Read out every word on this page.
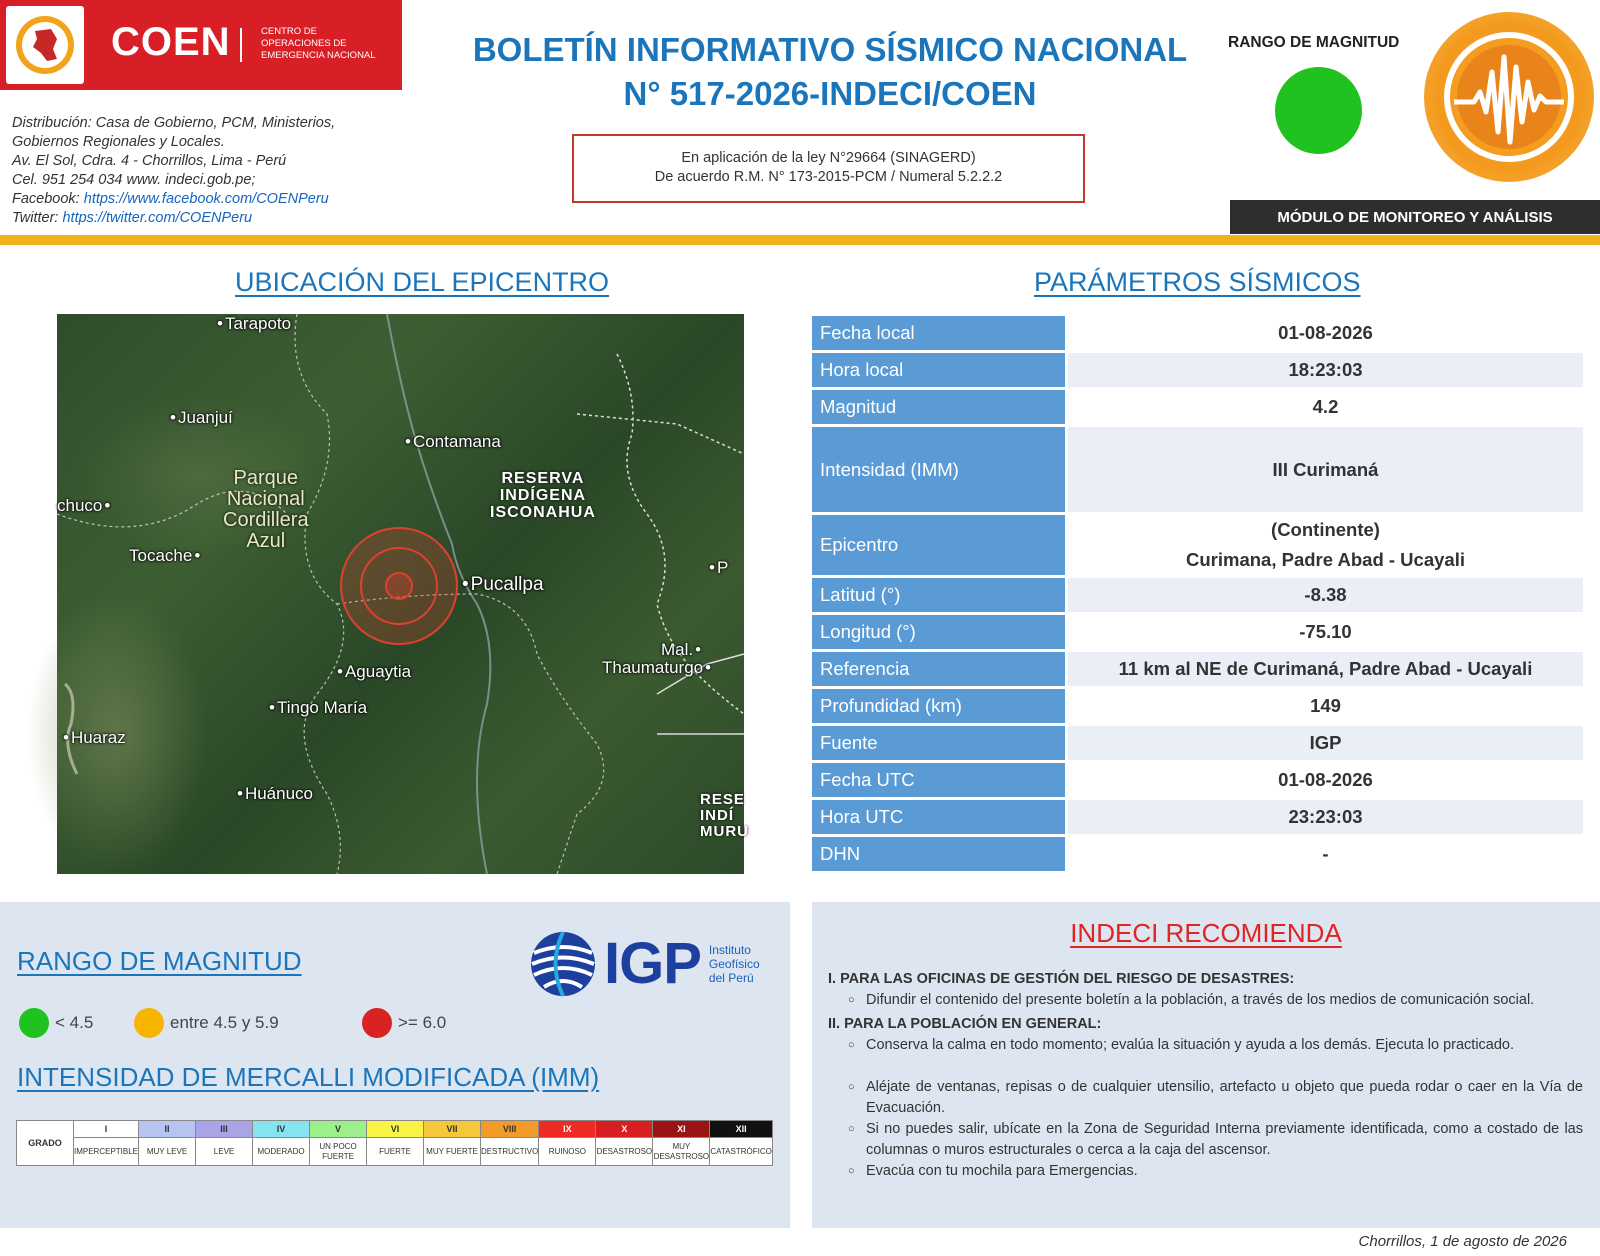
COEN	CENTRO DE
OPERACIONES DE
EMERGENCIA NACIONAL
Distribución: Casa de Gobierno, PCM, Ministerios,
Gobiernos Regionales y Locales.
Av. El Sol, Cdra. 4 - Chorrillos, Lima - Perú
Cel. 951 254 034 www. indeci.gob.pe;
Facebook: https://www.facebook.com/COENPeru
Twitter: https://twitter.com/COENPeru
BOLETÍN INFORMATIVO SÍSMICO NACIONAL
N° 517-2026-INDECI/COEN
En aplicación de la ley N°29664 (SINAGERD)
De acuerdo R.M. N° 173-2015-PCM / Numeral 5.2.2.2
RANGO DE MAGNITUD
MÓDULO DE MONITOREO Y ANÁLISIS
UBICACIÓN DEL EPICENTRO
• Tarapoto
• Juanjuí
• Contamana
chuco •
Tocache •
• Pucallpa
• Aguaytia
• Tingo María
• Huaraz
• Huánuco
Mal. •
Thaumaturgo •
• P
RESERVA
INDÍGENA
ISCONAHUA
Parque
Nacional
Cordillera
Azul
RESE
INDÍ
MURU
PARÁMETROS SÍSMICOS
Fecha local	01-08-2026
Hora local	18:23:03
Magnitud	4.2
Intensidad (IMM)	III Curimaná
Epicentro	(Continente)
Curimana, Padre Abad - Ucayali

Latitud (°)	-8.38
Longitud (°)	-75.10
Referencia	11 km al NE de Curimaná, Padre Abad - Ucayali
Profundidad (km)	149
Fuente	IGP
Fecha UTC	01-08-2026
Hora UTC	23:23:03
DHN	-
RANGO DE MAGNITUD
< 4.5	entre 4.5 y 5.9	>= 6.0
IGP Instituto
Geofísico
del Perú
INTENSIDAD DE MERCALLI MODIFICADA (IMM)
GRADO	I	II	III	IV	V	VI	VII	VIII	IX	X	XI	XII
	IMPERCEPTIBLE	MUY LEVE	LEVE	MODERADO	UN POCO FUERTE	FUERTE	MUY FUERTE	DESTRUCTIVO	RUINOSO	DESASTROSO	MUY DESASTROSO	CATASTRÓFICO
INDECI RECOMIENDA
I. PARA LAS OFICINAS DE GESTIÓN DEL RIESGO DE DESASTRES:
○ Difundir el contenido del presente boletín a la población, a través de los medios de comunicación social.
II. PARA LA POBLACIÓN EN GENERAL:
○ Conserva la calma en todo momento; evalúa la situación y ayuda a los demás. Ejecuta lo practicado.
○ Aléjate de ventanas, repisas o de cualquier utensilio, artefacto u objeto que pueda rodar o caer en la Vía de Evacuación.
○ Si no puedes salir, ubícate en la Zona de Seguridad Interna previamente identificada, como a costado de las columnas o muros estructurales o cerca a la caja del ascensor.
○ Evacúa con tu mochila para Emergencias.
Chorrillos, 1 de agosto de 2026
